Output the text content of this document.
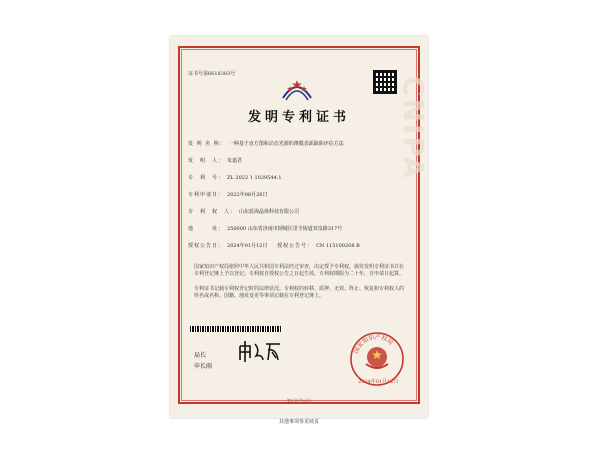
CNIPA
证书号第6618383号
发明专利证书
发 明 名 称： 一种基于直方图和动态光源的薄膜表面缺陷评估方法
发　明　人： 朱嘉君
专　利　号： ZL 2022 1 1029544.1
专利申请日： 2022年08月26日
专　利　权　人： 山东蓝海晶体科技有限公司
地　　　址： 250000 山东省济南市钢城区里辛街道双泉路317号
授权公告日： 2024年01月12日 授权公告号： CN 115100208 B
国家知识产权局依照中华人民共和国专利法经过审查，决定授予专利权，颁发发明专利证书并在专利登记簿上予以登记。专利权自授权公告之日起生效。专利权期限为二十年，自申请日起算。
专利证书记载专利权登记时的法律状况。专利权的转移、质押、无效、终止、恢复和专利权人的姓名或名称、国籍、地址变更等事项记载在专利登记簿上。
局长
申长雨
国家知识产权局
2024年01月12日
第1页(共2页)
其他事项参见续页
